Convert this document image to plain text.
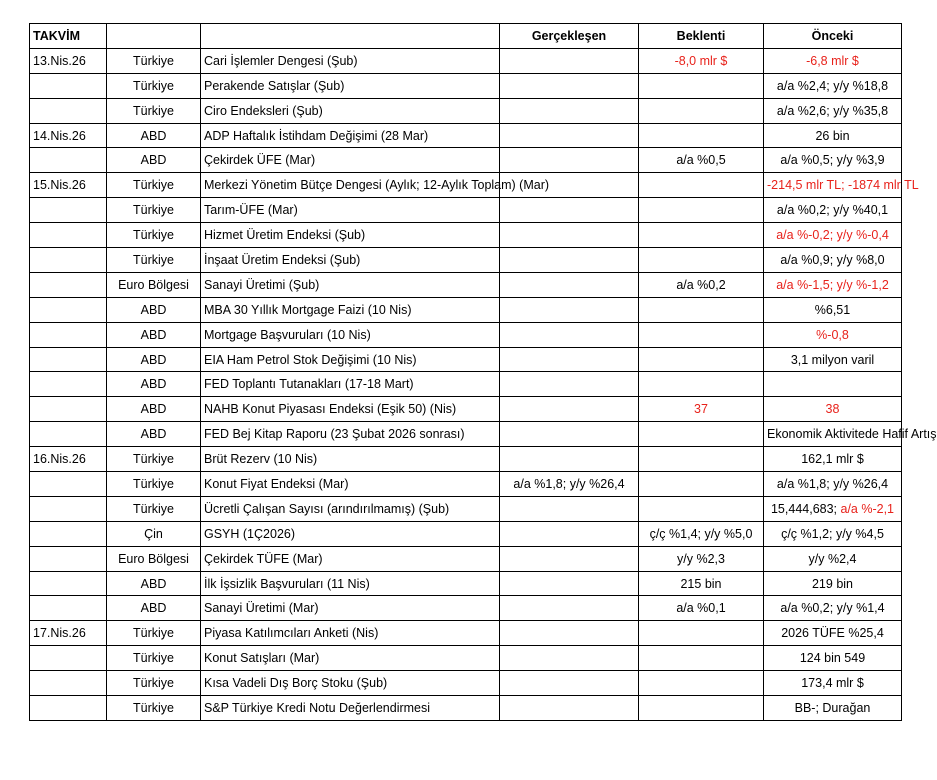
TAKVİM			Gerçekleşen	Beklenti	Önceki
13.Nis.26	Türkiye	Cari İşlemler Dengesi (Şub)		-8,0 mlr $	-6,8 mlr $
	Türkiye	Perakende Satışlar (Şub)			a/a %2,4; y/y %18,8
	Türkiye	Ciro Endeksleri (Şub)			a/a %2,6; y/y %35,8
14.Nis.26	ABD	ADP Haftalık İstihdam Değişimi (28 Mar)			26 bin
	ABD	Çekirdek ÜFE (Mar)		a/a %0,5	a/a %0,5; y/y %3,9
15.Nis.26	Türkiye	Merkezi Yönetim Bütçe Dengesi (Aylık; 12-Aylık Toplam) (Mar)			-214,5 mlr TL; -1874 mlr TL
	Türkiye	Tarım-ÜFE (Mar)			a/a %0,2; y/y %40,1
	Türkiye	Hizmet Üretim Endeksi (Şub)			a/a %-0,2; y/y %-0,4
	Türkiye	İnşaat Üretim Endeksi (Şub)			a/a %0,9; y/y %8,0
	Euro Bölgesi	Sanayi Üretimi (Şub)		a/a %0,2	a/a %-1,5; y/y %-1,2
	ABD	MBA 30 Yıllık Mortgage Faizi (10 Nis)			%6,51
	ABD	Mortgage Başvuruları (10 Nis)			%-0,8
	ABD	EIA Ham Petrol Stok Değişimi (10 Nis)			3,1 milyon varil
	ABD	FED Toplantı Tutanakları (17-18 Mart)			
	ABD	NAHB Konut Piyasası Endeksi (Eşik 50) (Nis)		37	38
	ABD	FED Bej Kitap Raporu (23 Şubat 2026 sonrası)			Ekonomik Aktivitede Hafif Artış
16.Nis.26	Türkiye	Brüt Rezerv (10 Nis)			162,1 mlr $
	Türkiye	Konut Fiyat Endeksi (Mar)	a/a %1,8; y/y %26,4		a/a %1,8; y/y %26,4
	Türkiye	Ücretli Çalışan Sayısı (arındırılmamış) (Şub)			15,444,683; a/a %-2,1
	Çin	GSYH (1Ç2026)		ç/ç %1,4; y/y %5,0	ç/ç %1,2; y/y %4,5
	Euro Bölgesi	Çekirdek TÜFE (Mar)		y/y %2,3	y/y %2,4
	ABD	İlk İşsizlik Başvuruları (11 Nis)		215 bin	219 bin
	ABD	Sanayi Üretimi (Mar)		a/a %0,1	a/a %0,2; y/y %1,4
17.Nis.26	Türkiye	Piyasa Katılımcıları Anketi (Nis)			2026 TÜFE %25,4
	Türkiye	Konut Satışları (Mar)			124 bin 549
	Türkiye	Kısa Vadeli Dış Borç Stoku (Şub)			173,4 mlr $
	Türkiye	S&P Türkiye Kredi Notu Değerlendirmesi			BB-; Durağan
